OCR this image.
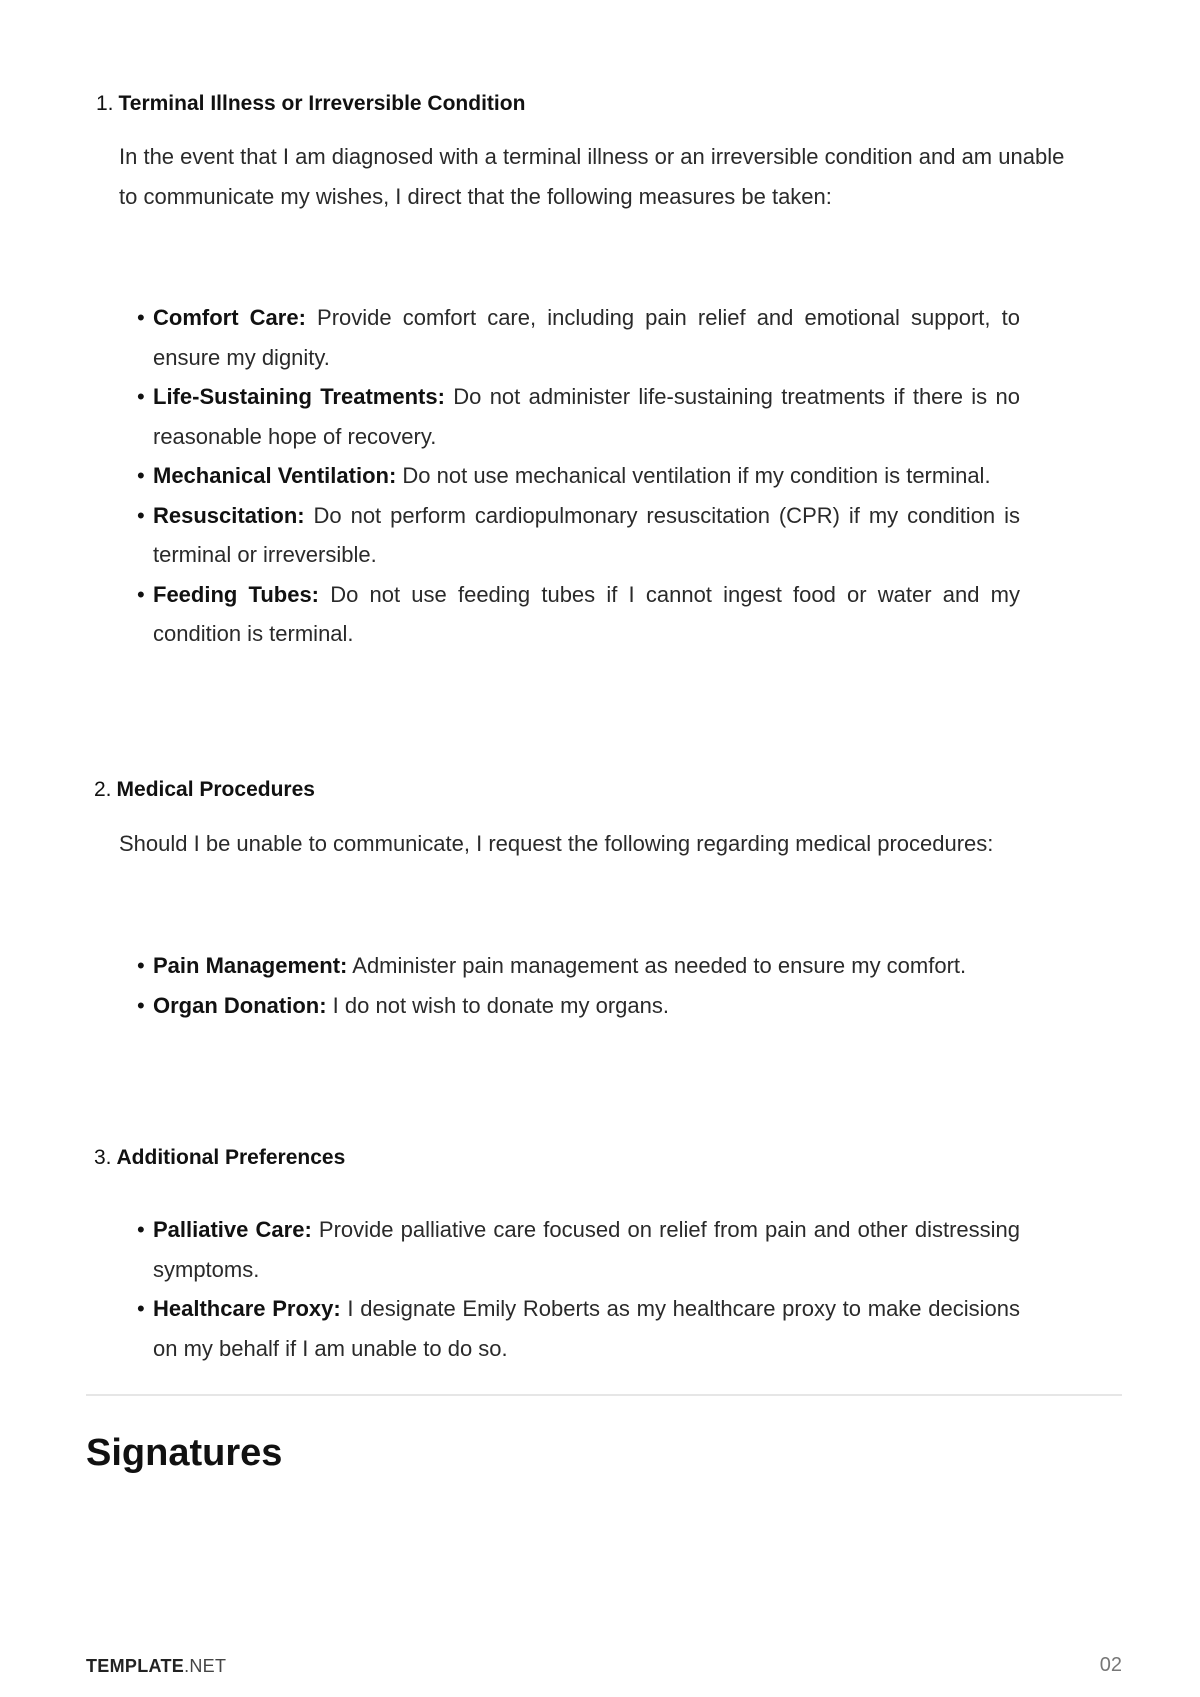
1. Terminal Illness or Irreversible Condition

In the event that I am diagnosed with a terminal illness or an irreversible condition and am unable to communicate my wishes, I direct that the following measures be taken:

• Comfort Care: Provide comfort care, including pain relief and emotional support, to ensure my dignity.
• Life-Sustaining Treatments: Do not administer life-sustaining treatments if there is no reasonable hope of recovery.
• Mechanical Ventilation: Do not use mechanical ventilation if my condition is terminal.
• Resuscitation: Do not perform cardiopulmonary resuscitation (CPR) if my condition is terminal or irreversible.
• Feeding Tubes: Do not use feeding tubes if I cannot ingest food or water and my condition is terminal.
2. Medical Procedures

Should I be unable to communicate, I request the following regarding medical procedures:

• Pain Management: Administer pain management as needed to ensure my comfort.
• Organ Donation: I do not wish to donate my organs.
3. Additional Preferences
• Palliative Care: Provide palliative care focused on relief from pain and other distressing symptoms.
• Healthcare Proxy: I designate Emily Roberts as my healthcare proxy to make decisions on my behalf if I am unable to do so.
Signatures
TEMPLATE.NET	02
